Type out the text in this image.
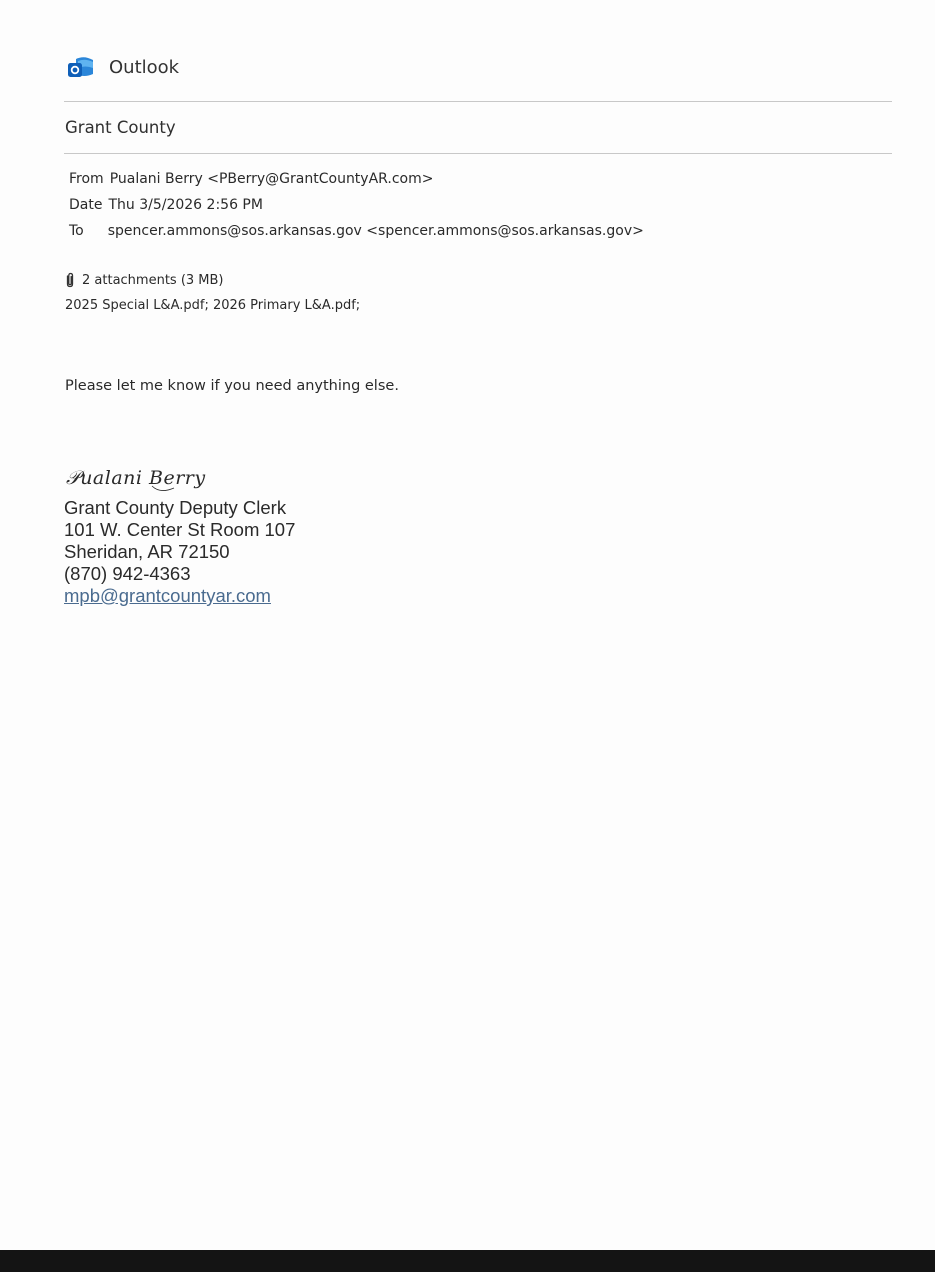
Outlook
Grant County
From Pualani Berry <PBerry@GrantCountyAR.com>
Date Thu 3/5/2026 2:56 PM
To spencer.ammons@sos.arkansas.gov <spencer.ammons@sos.arkansas.gov>
2 attachments (3 MB)
2025 Special L&A.pdf; 2026 Primary L&A.pdf;
Please let me know if you need anything else.
𝒫ualani 𝐵erry
Grant County Deputy Clerk
101 W. Center St Room 107
Sheridan, AR 72150
(870) 942-4363
mpb@grantcountyar.com
